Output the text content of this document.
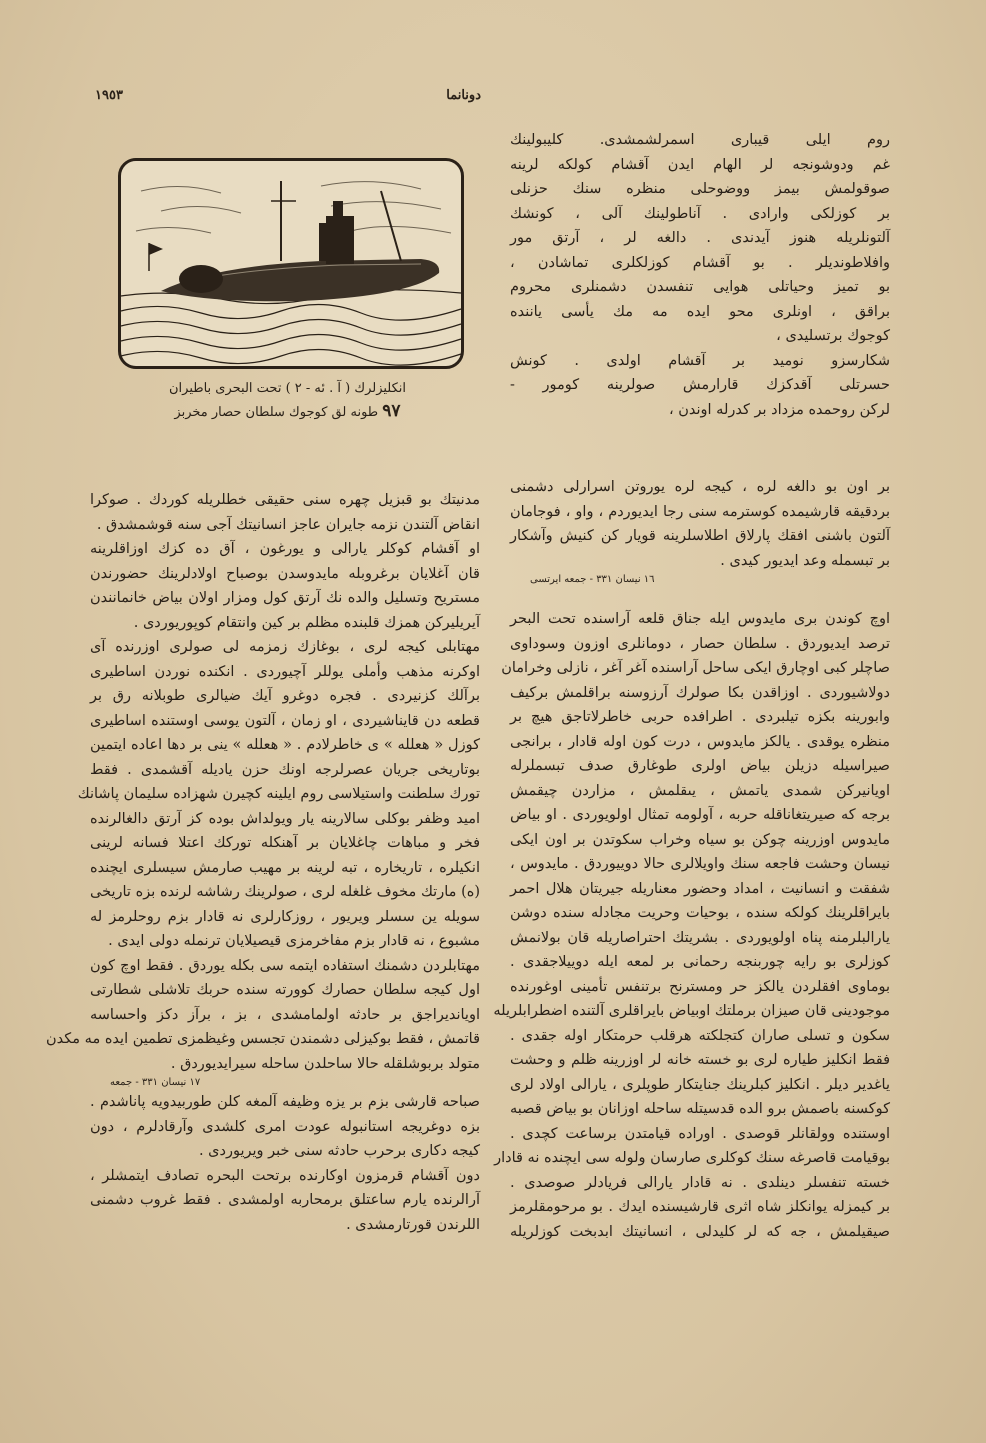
دونانما
١٩٥٣
انكليزلرك ( آ . ئه - ٢ ) تحت البحرى باطيران
٩٧ طونه لق كوجوك سلطان حصار مخربز

روم ايلى قيبارى اسمرلشمشدى. كليبولينك
غم ودوشونجه لر الهام ايدن آقشام كولكه لرينه
صوقولمش بيمز ووضوحلى منظره سنك حزنلى
بر كوزلكى وارادى . آناطولينك آلى ، كونشك
آلتونلريله هنوز آيدندى . دالغه لر ، آرتق مور
وافلاطونديلر . بو آقشام كوزلكلرى تماشادن ،
بو تميز وحياتلى هوايى تنفسدن دشمنلرى محروم
براقق ، اونلرى محو ايده مه مك يأسى ياننده
كوجوك برتسليدى ،

شكارسزو نوميد بر آقشام اولدى . كونش
حسرتلى آقدكزك قارارمش صولرينه كومور -
لركن روحمده مزداد بر كدرله اوندن ،

بر اون بو دالغه لره ، كيجه لره يوروتن اسرارلى دشمنى
بردقيقه قارشيمده كوسترمه سنى رجا ايديوردم ، واو ، فوجامان
آلتون باشنى افقك پارلاق اطلاسلرينه قويار كن كنيش وآشكار
بر تبسمله وعد ايديور كيدى .

١٦ نيسان ٣٣١ - جمعه ايرتسى

اوچ كوندن برى مايدوس ايله جناق قلعه آراسنده تحت البحر
ترصد ايديوردق . سلطان حصار ، دومانلرى اوزون وسوداوى
صاچلر كبى اوچارق ايكى ساحل آراسنده آغر آغر ، نازلى وخرامان
دولاشيوردى . اوزاقدن بكا صولرك آرزوسنه براقلمش بركيف
وابورينه بكزه تيلبردى . اطرافده حربى خاطرلاتاجق هيچ بر
منظره يوقدى . يالكز مايدوس ، درت كون اوله قادار ، برانجى
صيراسيله دزيلن بياض اولرى طوغارق صدف تبسملرله
اويانيركن شمدى ياتمش ، يىقلمش ، مزاردن چيقمش
برجه كه صيريتغاناقله حربه ، آولومه تمثال اولويوردى . او بياض
مايدوس اوزرينه چوكن بو سياه وخراب سكوتدن بر اون ايكى
نيسان وحشت فاجعه سنك واويلالرى حالا دوييوردق . مايدوس ،
شفقت و انسانيت ، امداد وحضور معناريله جيريتان هلال احمر
بايراقلرينك كولكه سنده ، بوحيات وحريت مجادله سنده دوشن
يارالبلرمنه پناه اولويوردى . بشريتك احتراصاريله قان بولانمش
كوزلرى بو رايه چوربنجه رحمانى بر لمعه ايله دوييلاجقدى .
بوماوى افقلردن يالكز حر ومسترنح برتنفس تأمينى اوغورنده
موجودينى قان صيزان برملتك اوبياض بايراقلرى آلتنده اضطرابلريله
سكون و تسلى صاران كتجلكته هرقلب حرمتكار اوله جقدى .
فقط انكليز طياره لرى بو خسته خانه لر اوزرينه ظلم و وحشت
ياغدير ديلر . انكليز كبلرينك جنايتكار طوپلرى ، يارالى اولاد لرى
كوكسنه باصمش برو الده قدسيتله ساحله اوزانان بو بياض قصبه
اوستنده وولقانلر قوصدى . اوراده قيامتدن برساعت كچدى .
بوقيامت قاصرغه سنك كوكلرى صارسان ولوله سى ايچنده نه قادار
خسته تنفسلر دينلدى . نه قادار يارالى فريادلر صوصدى .
بر كيمزله يوانكلز شاه اثرى قارشيسنده ايدك . بو مرحومقلرمز
صيقيلمش ، جه كه لر كليدلى ، انسانيتك ابدبخت كوزلريله

مدنيتك بو قبزيل چهره سنى حقيقى خطلريله كوردك . صوكرا
انقاض آلتندن نزمه جايران عاجز انسانيتك آجى سنه قوشمشدق .

او آقشام كوكلر يارالى و يورغون ، آق ده كزك اوزاقلرينه
قان آغلايان برغروبله مايدوسدن بوصباح اولادلرينك حضورندن
مستريح وتسليل والده نك آرتق كول ومزار اولان بياض خانمانندن
آيريليركن همزك قلبنده مظلم بر كين وانتقام كوپوريوردى .

مهتابلى كيجه لرى ، بوغازك زمزمه لى صولرى اوزرنده آى
اوكرنه مذهب وأملى يوللر آچيوردى . انكنده نوردن اساطيرى
برآلك كزنيردى . فجره دوغرو آيك ضيالرى طوبلانه رق بر
قطعه دن قايناشيردى ، او زمان ، آلتون يوسى اوستنده اساطيرى
كوزل « هعلله » ى خاطرلادم . « هعلله » ينى بر دها اعاده ايتمين
بوتاريخى جريان عصرلرجه اونك حزن يادیله آقشمدى . فقط
تورك سلطنت واستيلاسى روم ايلينه كچيرن شهزاده سليمان پاشانك
اميد وظفر بوكلى سالارينه يار ويولداش بوده كز آرتق دالغالرنده
فخر و مباهات چاغلايان بر آهنكله توركك اعتلا فسانه لرينى
انكيلره ، تاريخاره ، تبه لرينه بر مهيب صارمش سيسلرى ايچنده
(ه) مارتك مخوف غلغله لرى ، صولرينك رشاشه لرنده بزه تاريخى
سويله ين سسلر ويريور ، روزكارلرى نه قادار بزم روحلرمز له
مشبوع ، نه قادار بزم مفاخرمزى قيصيلايان ترنمله دولى ايدى .

مهتابلردن دشمنك استفاده ايتمه سى بكله يوردق . فقط اوچ كون
اول كيجه سلطان حصارك كوورته سنده حربك تلاشلى شطارتى
اويانديراجق بر حادثه اولمامشدى ، بز ، برآز دكز واحساسه
قاتمش ، فقط بوكيزلى دشمندن تجسس وغيظمزى تطمين ايده مه مكدن
متولد بربوشلقله حالا ساحلدن ساحله سيرايديوردق .

١٧ نيسان ٣٣١ - جمعه

صباحه قارشى بزم بر يزه وظيفه آلمغه كلن طوربيدويه پاناشدم .
بزه دوغريجه استانبوله عودت امرى كلشدى وآرقادلرم ، دون
كيجه دكارى برحرب حادثه سنى خبر ويريوردى .

دون آقشام قرمزون اوكارنده برتحت البحره تصادف ايتمشلر ،
آرالرنده يارم ساعتلق برمحاربه اولمشدى . فقط غروب دشمنى
اللرندن قورتارمشدى .
